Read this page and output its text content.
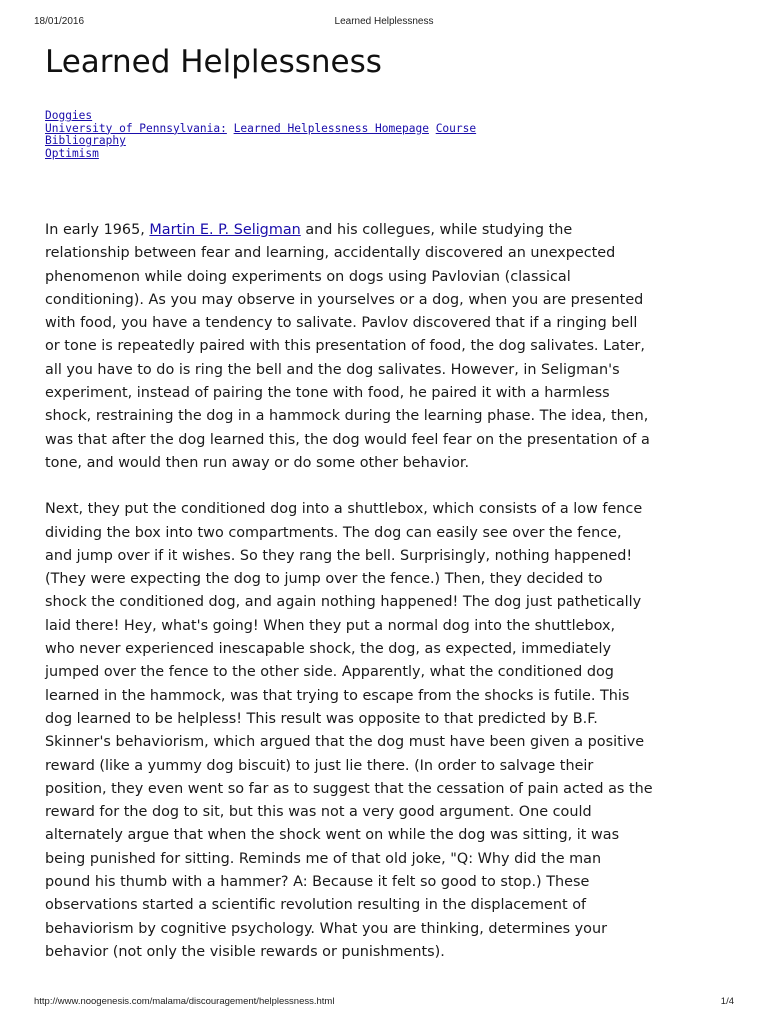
18/01/2016	Learned Helplessness
Learned Helplessness
Doggies
University of Pennsylvania: Learned Helplessness Homepage Course
Bibliography
Optimism

In early 1965, Martin E. P. Seligman and his collegues, while studying the
relationship between fear and learning, accidentally discovered an unexpected
phenomenon while doing experiments on dogs using Pavlovian (classical
conditioning). As you may observe in yourselves or a dog, when you are presented
with food, you have a tendency to salivate. Pavlov discovered that if a ringing bell
or tone is repeatedly paired with this presentation of food, the dog salivates. Later,
all you have to do is ring the bell and the dog salivates. However, in Seligman's
experiment, instead of pairing the tone with food, he paired it with a harmless
shock, restraining the dog in a hammock during the learning phase. The idea, then,
was that after the dog learned this, the dog would feel fear on the presentation of a
tone, and would then run away or do some other behavior.

Next, they put the conditioned dog into a shuttlebox, which consists of a low fence
dividing the box into two compartments. The dog can easily see over the fence,
and jump over if it wishes. So they rang the bell. Surprisingly, nothing happened!
(They were expecting the dog to jump over the fence.) Then, they decided to
shock the conditioned dog, and again nothing happened! The dog just pathetically
laid there! Hey, what's going! When they put a normal dog into the shuttlebox,
who never experienced inescapable shock, the dog, as expected, immediately
jumped over the fence to the other side. Apparently, what the conditioned dog
learned in the hammock, was that trying to escape from the shocks is futile. This
dog learned to be helpless! This result was opposite to that predicted by B.F.
Skinner's behaviorism, which argued that the dog must have been given a positive
reward (like a yummy dog biscuit) to just lie there. (In order to salvage their
position, they even went so far as to suggest that the cessation of pain acted as the
reward for the dog to sit, but this was not a very good argument. One could
alternately argue that when the shock went on while the dog was sitting, it was
being punished for sitting. Reminds me of that old joke, "Q: Why did the man
pound his thumb with a hammer? A: Because it felt so good to stop.) These
observations started a scientific revolution resulting in the displacement of
behaviorism by cognitive psychology. What you are thinking, determines your
behavior (not only the visible rewards or punishments).

http://www.noogenesis.com/malama/discouragement/helplessness.html	1/4
